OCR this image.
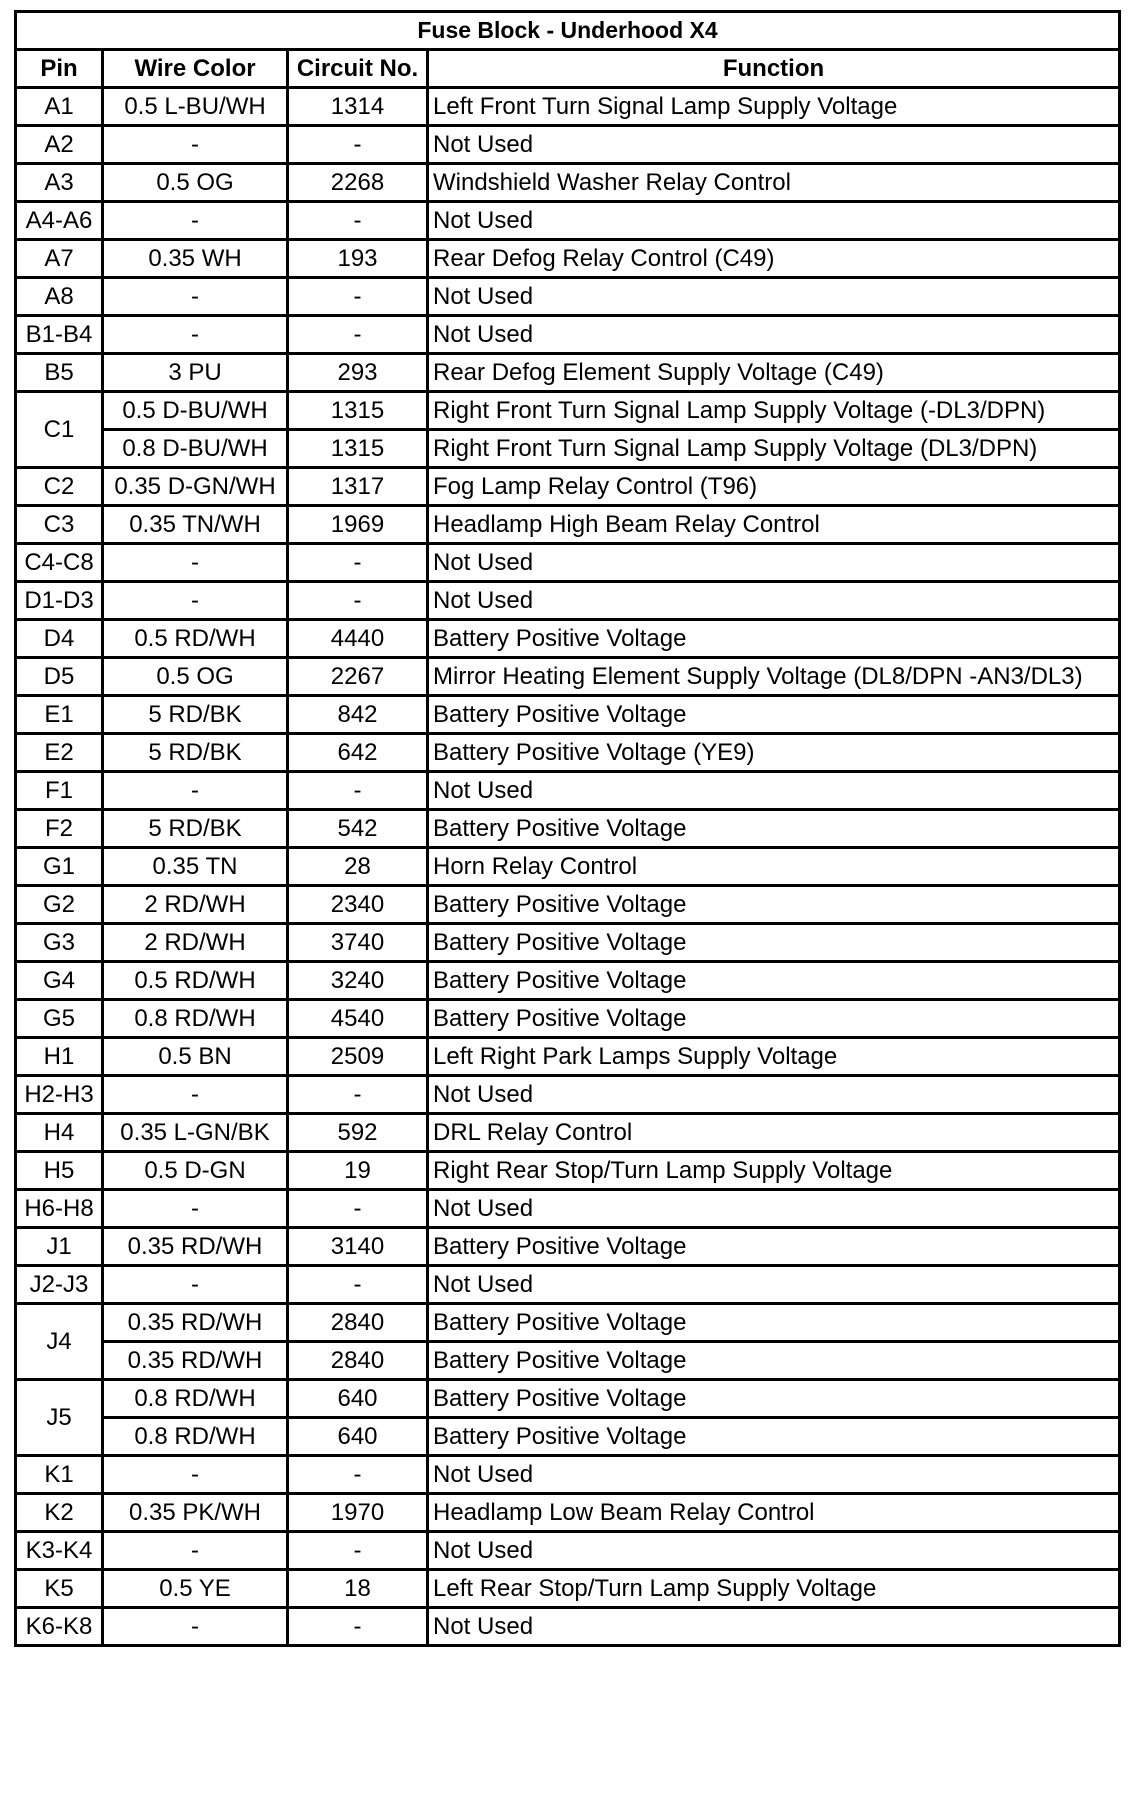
Fuse Block - Underhood X4			
Pin	Wire Color	Circuit No.	Function
A1	0.5 L-BU/WH	1314	Left Front Turn Signal Lamp Supply Voltage
A2	-	-	Not Used
A3	0.5 OG	2268	Windshield Washer Relay Control
A4-A6	-	-	Not Used
A7	0.35 WH	193	Rear Defog Relay Control (C49)
A8	-	-	Not Used
B1-B4	-	-	Not Used
B5	3 PU	293	Rear Defog Element Supply Voltage (C49)
C1	0.5 D-BU/WH	1315	Right Front Turn Signal Lamp Supply Voltage (-DL3/DPN)
	0.8 D-BU/WH	1315	Right Front Turn Signal Lamp Supply Voltage (DL3/DPN)
C2	0.35 D-GN/WH	1317	Fog Lamp Relay Control (T96)
C3	0.35 TN/WH	1969	Headlamp High Beam Relay Control
C4-C8	-	-	Not Used
D1-D3	-	-	Not Used
D4	0.5 RD/WH	4440	Battery Positive Voltage
D5	0.5 OG	2267	Mirror Heating Element Supply Voltage (DL8/DPN -AN3/DL3)
E1	5 RD/BK	842	Battery Positive Voltage
E2	5 RD/BK	642	Battery Positive Voltage (YE9)
F1	-	-	Not Used
F2	5 RD/BK	542	Battery Positive Voltage
G1	0.35 TN	28	Horn Relay Control
G2	2 RD/WH	2340	Battery Positive Voltage
G3	2 RD/WH	3740	Battery Positive Voltage
G4	0.5 RD/WH	3240	Battery Positive Voltage
G5	0.8 RD/WH	4540	Battery Positive Voltage
H1	0.5 BN	2509	Left Right Park Lamps Supply Voltage
H2-H3	-	-	Not Used
H4	0.35 L-GN/BK	592	DRL Relay Control
H5	0.5 D-GN	19	Right Rear Stop/Turn Lamp Supply Voltage
H6-H8	-	-	Not Used
J1	0.35 RD/WH	3140	Battery Positive Voltage
J2-J3	-	-	Not Used
J4	0.35 RD/WH	2840	Battery Positive Voltage
	0.35 RD/WH	2840	Battery Positive Voltage
J5	0.8 RD/WH	640	Battery Positive Voltage
	0.8 RD/WH	640	Battery Positive Voltage
K1	-	-	Not Used
K2	0.35 PK/WH	1970	Headlamp Low Beam Relay Control
K3-K4	-	-	Not Used
K5	0.5 YE	18	Left Rear Stop/Turn Lamp Supply Voltage
K6-K8	-	-	Not Used
